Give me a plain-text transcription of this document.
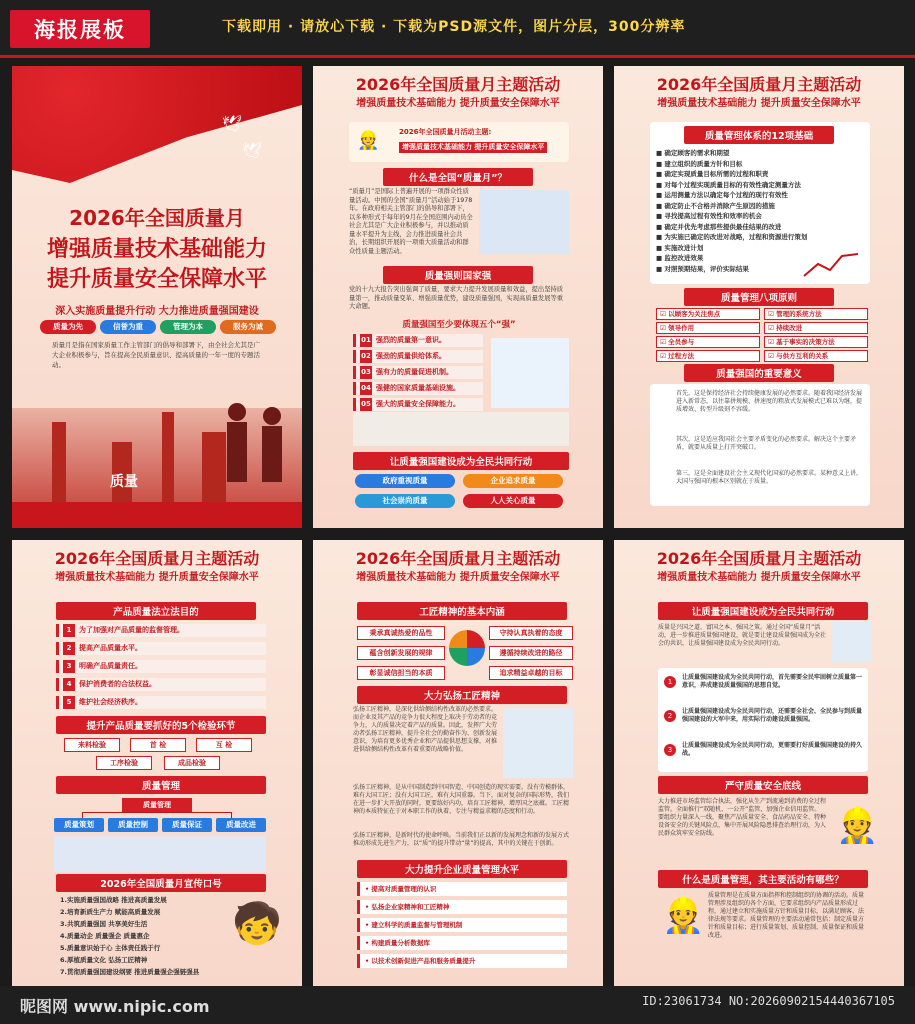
海报展板	下载即用 · 请放心下载 · 下载为PSD源文件，图片分层，300分辨率
🕊
🕊
2026年全国质量月
增强质量技术基础能力
提升质量安全保障水平
深入实施质量提升行动 大力推进质量强国建设
质量为先	信誉为重	管理为本	服务为诚
质量月是指在国家质量工作主管部门的倡导和部署下，由全社会尤其是广大企业积极参与，旨在提高全民质量意识、提高质量的一年一度的专题活动。
质量
2026年全国质量月主题活动
增强质量技术基础能力 提升质量安全保障水平
👷	2026年全国质量月活动主题:
增强质量技术基础能力 提升质量安全保障水平
什么是全国“质量月”？
“质量月”是国际上普遍开展的一项群众性质量活动。中国的全国“质量月”活动始于1978年。在政府相关主管部门的倡导和部署下，以多种形式于每年的9月在全国范围内动员全社会尤其是广大企业积极参与，并以推动质量水平提升为主线，会力推进质量社会共治，长期组织开展的一项重大质量活动和群众性质量主题活动。
质量强则国家强
党的十九大报告突出强调了质量，要求大力提升发展质量和效益，提出坚持质量第一，推动质量变革、增强质量优势，建设质量强国，实现高质量发展等重大命题。
质量强国至少要体现五个“强”
01 强烈的质量第一意识。
02 强劲的质量供给体系。
03 强有力的质量促进机制。
04 强健的国家质量基础设施。
05 强大的质量安全保障能力。
让质量强国建设成为全民共同行动
政府重视质量	企业追求质量
社会崇尚质量	人人关心质量
2026年全国质量月主题活动
增强质量技术基础能力 提升质量安全保障水平
质量管理体系的12项基础
■ 确定顾客的需求和期望
■ 建立组织的质量方针和目标
■ 确定实现质量目标所需的过程和职责
■ 对每个过程实现质量目标的有效性确定测量方法
■ 运用测量方法以确定每个过程的现行有效性
■ 确定防止不合格并消除产生原因的措施
■ 寻找提高过程有效性和效率的机会
■ 确定并优先考虑那些提供最佳结果的改进
■ 为实施已确定的改进对战略，过程和资源进行策划
■ 实施改进计划
■ 监控改进效果
■ 对照预期结果，评价实际结果
质量管理八项原则
☑ 以顾客为关注焦点	☑ 管理的系统方法
☑ 领导作用	☑ 持续改进
☑ 全员参与	☑ 基于事实的决策方法
☑ 过程方法	☑ 与供方互利的关系
质量强国的重要意义
首先，这是保持经济社会持续健康发展的必然要求。随着我国经济发展进入新常态，以往靠拼规模、拼速度的粗放式发展模式已难以为继，提质增效、转型升级刻不容缓。
其次，这是适应我国社会主要矛盾变化的必然要求。解决这个主要矛盾，就要从质量上打开突破口。
第三，这是全面建设社会主义现代化国家的必然要求。某种意义上讲，大国与强国的根本区别就在于质量。
2026年全国质量月主题活动
增强质量技术基础能力 提升质量安全保障水平
产品质量法立法目的
1 为了加强对产品质量的监督管理。
2 提高产品质量水平。
3 明确产品质量责任。
4 保护消费者的合法权益。
5 维护社会经济秩序。
提升产品质量要抓好的5个检验环节
来料检验	首 检	互 检
工序检验	成品检验
质量管理
质量管理
质量策划	质量控制	质量保证	质量改进
2026年全国质量月宣传口号
1.实施质量强国战略 推进高质量发展
2.培育新质生产力 赋能高质量发展
3.共筑质量强国 共享美好生活
4.质量动企 质量强企 质量惠企
5.质量意识始于心 主体责任践于行
6.厚植质量文化 弘扬工匠精神
7.贯彻质量强国建设纲要 推进质量强企强链强县
🧒
2026年全国质量月主题活动
增强质量技术基础能力 提升质量安全保障水平
工匠精神的基本内涵
秉承真诚热爱的品性
蕴含创新发展的规律
彰显诚信担当的本质
守持认真执着的态度
遵循持续改进的路径
追求精益卓越的目标
大力弘扬工匠精神
弘扬工匠精神，是深化供给侧结构性改革的必然要求。而企业及其产品的竞争力很大程度上取决于劳动者的竞争力，人的质量决定着产品的质量。因此，发挥广大劳动者弘扬工匠精神，提升全社会的勤奋作为、创新发展意识，为培育更多优秀企业和产品提供思想支撑，对推进供给侧结构性改革有着重要的战略价值。
弘扬工匠精神，是从中国制造到中国智造、中国创造的现实需要。没有劳模群体，难有大国工匠；没有大国工匠，难有大国重器。当下，面对复杂的国际形势，我们在进一步扩大开放的同时，更要练好内功，培育工匠精神，增厚国之底蕴。工匠精神的本质特征在于对本职工作的执着、专注与精益求精的态度和行动。
弘扬工匠精神，是新时代的使命呼唤。当前我们正以新的发展理念和新的发展方式推动形成先进生产力，以“质”的提升带动“量”的提高，其中的关键在于创新。
大力提升企业质量管理水平
• 提高对质量管理的认识
• 弘扬企业家精神和工匠精神
• 建立科学的质量监督与管理机制
• 构建质量分析数据库
• 以技术创新促进产品和服务质量提升
2026年全国质量月主题活动
增强质量技术基础能力 提升质量安全保障水平
让质量强国建设成为全民共同行动
质量是兴国之道、富国之本、强国之策。通过全国“质量月”活动，进一步推进质量强国建设，就是要让建设质量强国成为全社会的共识，让质量强国建设成为全民共同行动。
1
让质量强国建设成为全民共同行动，首先需要全民牢固树立质量第一意识，养成建设质量强国的思想自觉。
2
让质量强国建设成为全民共同行动，还需要全社会、全民参与到质量强国建设的大军中来，用实际行动建设质量强国。
3
让质量强国建设成为全民共同行动，更需要打好质量强国建设的持久战。
严守质量安全底线
大力推进市场监管综合执法，强化从生产到流通到消费的全过程监管。全面推行“双随机、一公开”监管，加强企业信用监管。要组织力量深入一线，聚焦产品质量安全、食品药品安全、特种设备安全的关键风险点，集中开展风险隐患排查治理行动，为人民群众筑牢安全防线。	👷
什么是质量管理，其主要活动有哪些？
👷
质量管理是在质量方面指挥和控制组织的协调的活动。质量管理涉及组织的各个方面，它要求组织内产品质量形成过程，通过建立和实施质量方针和质量目标，以满足顾客、法律法规等要求。质量管理的主要活动通常包括：制定质量方针和质量目标；进行质量策划、质量控制、质量保证和质量改进。
昵图网 www.nipic.com	ID:23061734 NO:20260902154440367105
